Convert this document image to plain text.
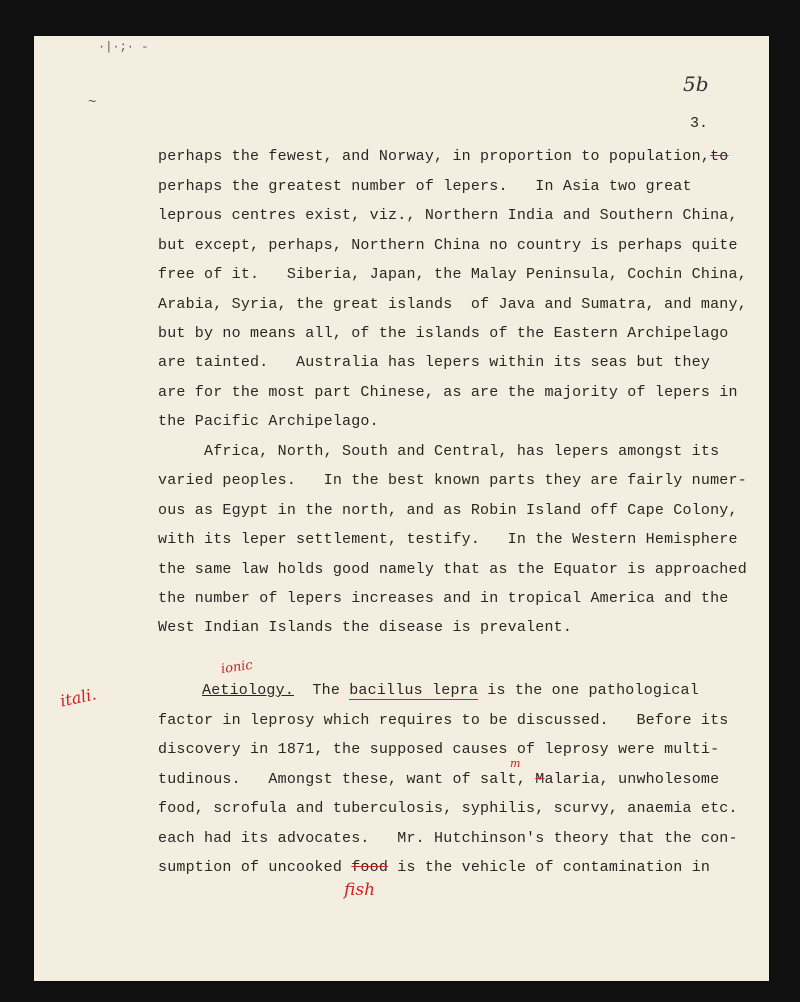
·|·;· -
~
5b
3.
perhaps the fewest, and Norway, in proportion to population,to
perhaps the greatest number of lepers.   In Asia two great
leprous centres exist, viz., Northern India and Southern China,
but except, perhaps, Northern China no country is perhaps quite
free of it.   Siberia, Japan, the Malay Peninsula, Cochin China,
Arabia, Syria, the great islands  of Java and Sumatra, and many,
but by no means all, of the islands of the Eastern Archipelago
are tainted.   Australia has lepers within its seas but they
are for the most part Chinese, as are the majority of lepers in
the Pacific Archipelago.
Africa, North, South and Central, has lepers amongst its
varied peoples.   In the best known parts they are fairly numer-
ous as Egypt in the north, and as Robin Island off Cape Colony,
with its leper settlement, testify.   In the Western Hemisphere
the same law holds good namely that as the Equator is approached
the number of lepers increases and in tropical America and the
West Indian Islands the disease is prevalent.
itali.
ionic
Aetiology.  The bacillus lepra is the one pathological
factor in leprosy which requires to be discussed.   Before its
discovery in 1871, the supposed causes of leprosy were multi-
tudinous.   Amongst these, want of salt, Malaria, unwholesome
food, scrofula and tuberculosis, syphilis, scurvy, anaemia etc.
each had its advocates.   Mr. Hutchinson's theory that the con-
sumption of uncooked food is the vehicle of contamination in
m
fish
